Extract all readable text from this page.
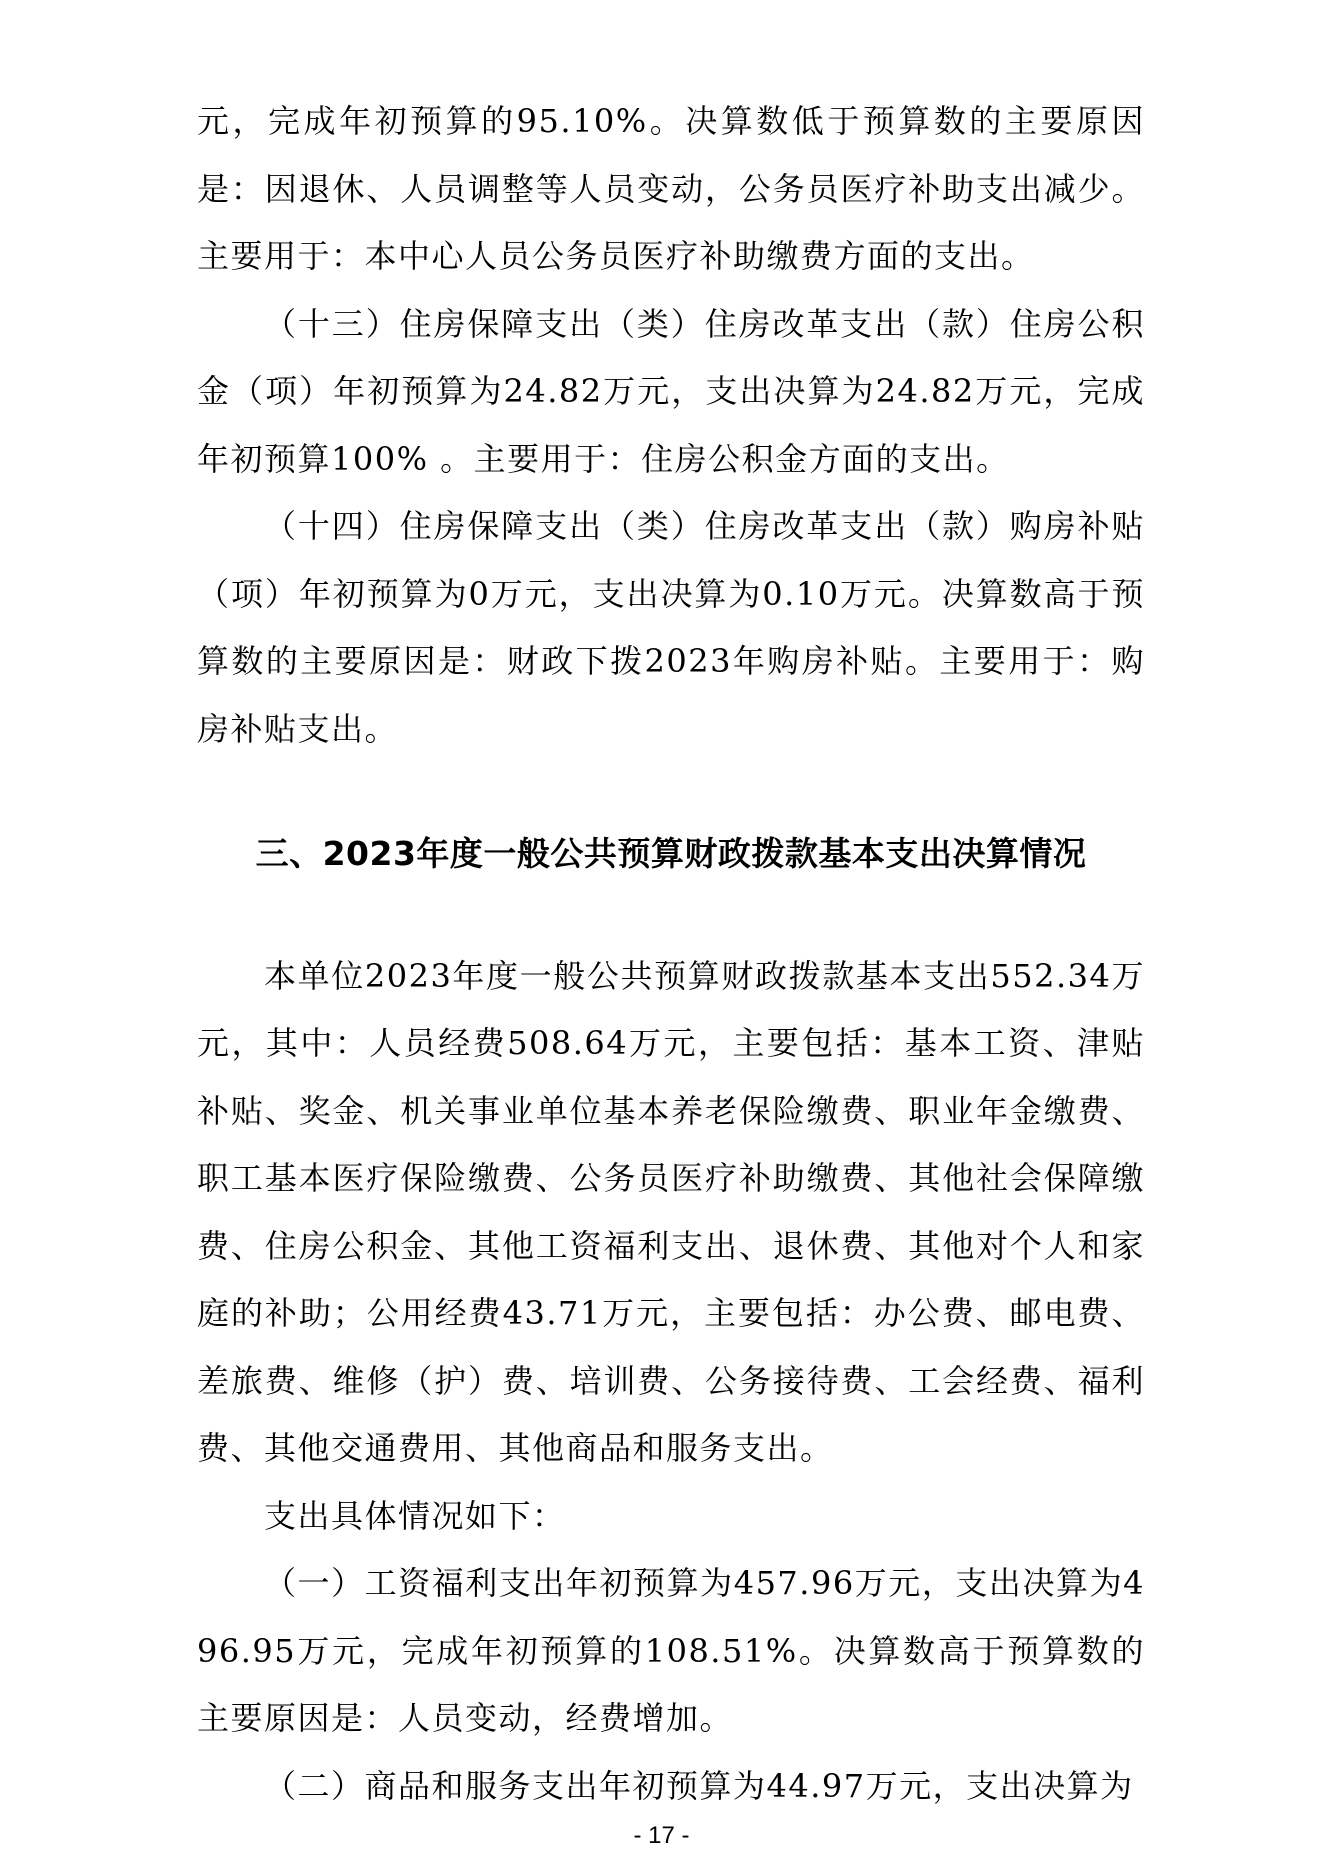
元，完成年初预算的95.10%。决算数低于预算数的主要原因是：因退休、人员调整等人员变动，公务员医疗补助支出减少。主要用于：本中心人员公务员医疗补助缴费方面的支出。

（十三）住房保障支出（类）住房改革支出（款）住房公积金（项）年初预算为24.82万元，支出决算为24.82万元，完成年初预算100% 。主要用于：住房公积金方面的支出。

（十四）住房保障支出（类）住房改革支出（款）购房补贴（项）年初预算为0万元，支出决算为0.10万元。决算数高于预算数的主要原因是：财政下拨2023年购房补贴。主要用于：购房补贴支出。

三、2023年度一般公共预算财政拨款基本支出决算情况

本单位2023年度一般公共预算财政拨款基本支出552.34万元，其中：人员经费508.64万元，主要包括：基本工资、津贴补贴、奖金、机关事业单位基本养老保险缴费、职业年金缴费、职工基本医疗保险缴费、公务员医疗补助缴费、其他社会保障缴费、住房公积金、其他工资福利支出、退休费、其他对个人和家庭的补助；公用经费43.71万元，主要包括：办公费、邮电费、差旅费、维修（护）费、培训费、公务接待费、工会经费、福利费、其他交通费用、其他商品和服务支出。

支出具体情况如下：

（一）工资福利支出年初预算为457.96万元，支出决算为496.95万元，完成年初预算的108.51%。决算数高于预算数的主要原因是：人员变动，经费增加。

（二）商品和服务支出年初预算为44.97万元，支出决算为

- 17 -
